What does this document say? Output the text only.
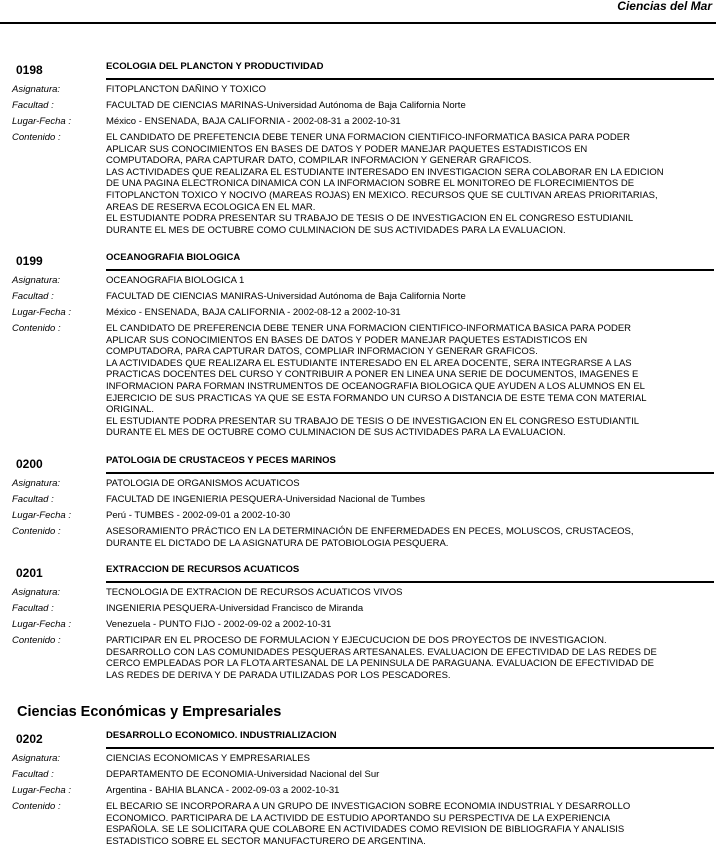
Ciencias del Mar
0198	ECOLOGIA DEL PLANCTON Y PRODUCTIVIDAD
Asignatura:	FITOPLANCTON DAÑINO Y TOXICO
Facultad :	FACULTAD DE CIENCIAS MARINAS-Universidad Autónoma de Baja California Norte
Lugar-Fecha :	México - ENSENADA, BAJA CALIFORNIA - 2002-08-31 a 2002-10-31
Contenido :	EL CANDIDATO DE PREFETENCIA DEBE TENER UNA FORMACION CIENTIFICO-INFORMATICA BASICA PARA PODER
APLICAR SUS CONOCIMIENTOS EN BASES DE DATOS Y PODER MANEJAR PAQUETES ESTADISTICOS EN
COMPUTADORA, PARA CAPTURAR DATO, COMPILAR INFORMACION Y GENERAR GRAFICOS.
LAS ACTIVIDADES QUE REALIZARA EL ESTUDIANTE INTERESADO EN INVESTIGACION SERA COLABORAR EN LA EDICION
DE UNA PAGINA ELECTRONICA DINAMICA CON LA INFORMACION SOBRE EL MONITOREO DE FLORECIMIENTOS DE
FITOPLANCTON TOXICO Y NOCIVO (MAREAS ROJAS) EN MEXICO. RECURSOS QUE SE CULTIVAN AREAS PRIORITARIAS,
AREAS DE RESERVA ECOLOGICA EN EL MAR.
EL ESTUDIANTE PODRA PRESENTAR SU TRABAJO DE TESIS O DE INVESTIGACION EN EL CONGRESO ESTUDIANIL
DURANTE EL MES DE OCTUBRE COMO CULMINACION DE SUS ACTIVIDADES PARA LA EVALUACION.
0199	OCEANOGRAFIA BIOLOGICA
Asignatura:	OCEANOGRAFIA BIOLOGICA 1
Facultad :	FACULTAD DE CIENCIAS MANIRAS-Universidad Autónoma de Baja California Norte
Lugar-Fecha :	México - ENSENADA, BAJA CALIFORNIA - 2002-08-12 a 2002-10-31
Contenido :	EL CANDIDATO DE PREFERENCIA DEBE TENER UNA FORMACION CIENTIFICO-INFORMATICA BASICA PARA PODER
APLICAR SUS CONOCIMIENTOS EN BASES DE DATOS Y PODER MANEJAR PAQUETES ESTADISTICOS EN
COMPUTADORA, PARA CAPTURAR DATOS, COMPLIAR INFORMACION Y GENERAR GRAFICOS.
LA ACTIVIDADES QUE REALIZARA EL ESTUDIANTE INTERESADO EN EL AREA DOCENTE, SERA INTEGRARSE A LAS
PRACTICAS DOCENTES DEL CURSO Y CONTRIBUIR A PONER EN LINEA UNA SERIE DE DOCUMENTOS, IMAGENES E
INFORMACION PARA FORMAN INSTRUMENTOS DE OCEANOGRAFIA BIOLOGICA QUE AYUDEN A LOS ALUMNOS EN EL
EJERCICIO DE SUS PRACTICAS YA QUE SE ESTA FORMANDO UN CURSO A DISTANCIA DE ESTE TEMA CON MATERIAL
ORIGINAL.
EL ESTUDIANTE PODRA PRESENTAR SU TRABAJO DE TESIS O DE INVESTIGACION EN EL CONGRESO ESTUDIANTIL
DURANTE EL MES DE OCTUBRE COMO CULMINACION DE SUS ACTIVIDADES PARA LA EVALUACION.
0200	PATOLOGIA DE CRUSTACEOS Y PECES MARINOS
Asignatura:	PATOLOGIA DE ORGANISMOS ACUATICOS
Facultad :	FACULTAD DE INGENIERIA PESQUERA-Universidad Nacional de Tumbes
Lugar-Fecha :	Perú - TUMBES - 2002-09-01 a 2002-10-30
Contenido :	ASESORAMIENTO PRÁCTICO EN LA DETERMINACIÓN DE ENFERMEDADES EN PECES, MOLUSCOS, CRUSTACEOS,
DURANTE EL DICTADO DE LA ASIGNATURA DE PATOBIOLOGIA PESQUERA.
0201	EXTRACCION DE RECURSOS ACUATICOS
Asignatura:	TECNOLOGIA DE EXTRACION DE RECURSOS ACUATICOS VIVOS
Facultad :	INGENIERIA PESQUERA-Universidad Francisco de Miranda
Lugar-Fecha :	Venezuela - PUNTO FIJO - 2002-09-02 a 2002-10-31
Contenido :	PARTICIPAR EN EL PROCESO DE FORMULACION Y EJECUCUCION DE DOS PROYECTOS DE INVESTIGACION.
DESARROLLO CON LAS COMUNIDADES PESQUERAS ARTESANALES. EVALUACION DE EFECTIVIDAD DE LAS REDES DE
CERCO EMPLEADAS POR LA FLOTA ARTESANAL DE LA PENINSULA DE PARAGUANA. EVALUACION DE EFECTIVIDAD DE
LAS REDES DE DERIVA Y DE PARADA UTILIZADAS POR LOS PESCADORES.
Ciencias Económicas y Empresariales
0202	DESARROLLO ECONOMICO. INDUSTRIALIZACION
Asignatura:	CIENCIAS ECONOMICAS Y EMPRESARIALES
Facultad :	DEPARTAMENTO DE ECONOMIA-Universidad Nacional del Sur
Lugar-Fecha :	Argentina - BAHIA BLANCA - 2002-09-03 a 2002-10-31
Contenido :	EL BECARIO SE INCORPORARA A UN GRUPO DE INVESTIGACION SOBRE ECONOMIA INDUSTRIAL Y DESARROLLO
ECONOMICO. PARTICIPARA DE LA ACTIVIDD DE ESTUDIO APORTANDO SU PERSPECTIVA DE LA EXPERIENCIA
ESPAÑOLA. SE LE SOLICITARA QUE COLABORE EN ACTIVIDADES COMO REVISION DE BIBLIOGRAFIA Y ANALISIS
ESTADISTICO SOBRE EL SECTOR MANUFACTURERO DE ARGENTINA.
